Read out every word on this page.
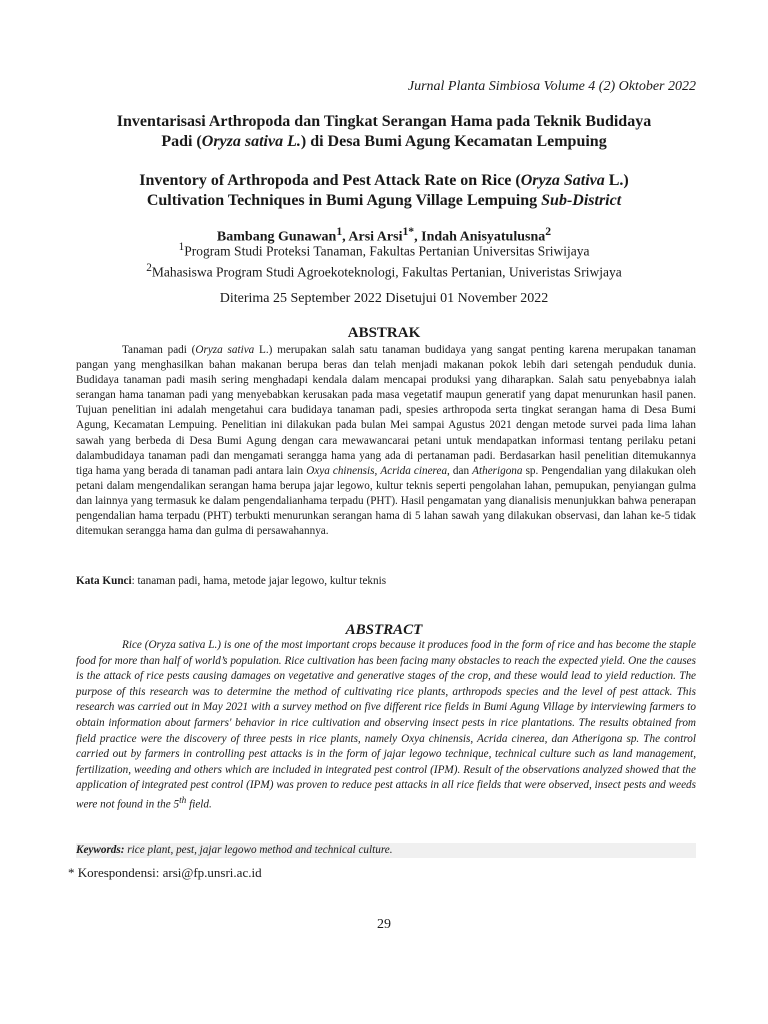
Jurnal Planta Simbiosa Volume 4 (2) Oktober 2022
Inventarisasi Arthropoda dan Tingkat Serangan Hama pada Teknik Budidaya
Padi (Oryza sativa L.) di Desa Bumi Agung Kecamatan Lempuing
Inventory of Arthropoda and Pest Attack Rate on Rice (Oryza Sativa L.)
Cultivation Techniques in Bumi Agung Village Lempuing Sub-District
Bambang Gunawan$^1$, Arsi Arsi$^{1*}$, Indah Anisyatulusna$^2$
$^1$Program Studi Proteksi Tanaman, Fakultas Pertanian Universitas Sriwijaya
$^2$Mahasiswa Program Studi Agroekoteknologi, Fakultas Pertanian, Univeristas Sriwjaya
Diterima 25 September 2022 Disetujui 01 November 2022
ABSTRAK
Tanaman padi (Oryza sativa L.) merupakan salah satu tanaman budidaya yang sangat penting karena merupakan tanaman pangan yang menghasilkan bahan makanan berupa beras dan telah menjadi makanan pokok lebih dari setengah penduduk dunia. Budidaya tanaman padi masih sering menghadapi kendala dalam mencapai produksi yang diharapkan. Salah satu penyebabnya ialah serangan hama tanaman padi yang menyebabkan kerusakan pada masa vegetatif maupun generatif yang dapat menurunkan hasil panen. Tujuan penelitian ini adalah mengetahui cara budidaya tanaman padi, spesies arthropoda serta tingkat serangan hama di Desa Bumi Agung, Kecamatan Lempuing. Penelitian ini dilakukan pada bulan Mei sampai Agustus 2021 dengan metode survei pada lima lahan sawah yang berbeda di Desa Bumi Agung dengan cara mewawancarai petani untuk mendapatkan informasi tentang perilaku petani dalambudidaya tanaman padi dan mengamati serangga hama yang ada di pertanaman padi. Berdasarkan hasil penelitian ditemukannya tiga hama yang berada di tanaman padi antara lain Oxya chinensis, Acrida cinerea, dan Atherigona sp. Pengendalian yang dilakukan oleh petani dalam mengendalikan serangan hama berupa jajar legowo, kultur teknis seperti pengolahan lahan, pemupukan, penyiangan gulma dan lainnya yang termasuk ke dalam pengendalianhama terpadu (PHT). Hasil pengamatan yang dianalisis menunjukkan bahwa penerapan pengendalian hama terpadu (PHT) terbukti menurunkan serangan hama di 5 lahan sawah yang dilakukan observasi, dan lahan ke-5 tidak ditemukan serangga hama dan gulma di persawahannya.
Kata Kunci: tanaman padi, hama, metode jajar legowo, kultur teknis
ABSTRACT
Rice (Oryza sativa L.) is one of the most important crops because it produces food in the form of rice and has become the staple food for more than half of world’s population. Rice cultivation has been facing many obstacles to reach the expected yield. One the causes is the attack of rice pests causing damages on vegetative and generative stages of the crop, and these would lead to yield reduction. The purpose of this research was to determine the method of cultivating rice plants, arthropods species and the level of pest attack. This research was carried out in May 2021 with a survey method on five different rice fields in Bumi Agung Village by interviewing farmers to obtain information about farmers' behavior in rice cultivation and observing insect pests in rice plantations. The results obtained from field practice were the discovery of three pests in rice plants, namely Oxya chinensis, Acrida cinerea, dan Atherigona sp. The control carried out by farmers in controlling pest attacks is in the form of jajar legowo technique, technical culture such as land management, fertilization, weeding and others which are included in integrated pest control (IPM). Result of the observations analyzed showed that the application of integrated pest control (IPM) was proven to reduce pest attacks in all rice fields that were observed, insect pests and weeds were not found in the 5th field.
Keywords: rice plant, pest, jajar legowo method and technical culture.
* Korespondensi: arsi@fp.unsri.ac.id
29
